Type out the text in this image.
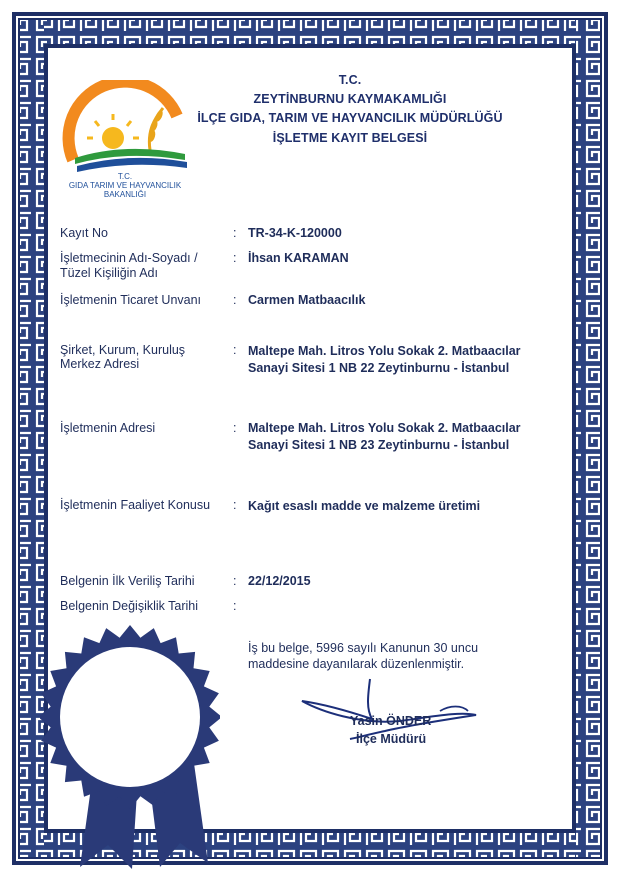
T.C.
GIDA TARIM VE HAYVANCILIK
BAKANLIĞI
T.C.
ZEYTİNBURNU KAYMAKAMLIĞI
İLÇE GIDA, TARIM VE HAYVANCILIK MÜDÜRLÜĞÜ
İŞLETME KAYIT BELGESİ
Kayıt No	: TR-34-K-120000
İşletmecinin Adı-Soyadı /
Tüzel Kişiliğin Adı
: İhsan KARAMAN
İşletmenin Ticaret Unvanı	: Carmen Matbaacılık
Şirket, Kurum, Kuruluş
Merkez Adresi
: Maltepe Mah. Litros Yolu Sokak 2. Matbaacılar
Sanayi Sitesi 1 NB 22 Zeytinburnu - İstanbul
İşletmenin Adresi	: Maltepe Mah. Litros Yolu Sokak 2. Matbaacılar
Sanayi Sitesi 1 NB 23 Zeytinburnu - İstanbul
İşletmenin Faaliyet Konusu : Kağıt esaslı madde ve malzeme üretimi
Belgenin İlk Veriliş Tarihi	: 22/12/2015
Belgenin Değişiklik Tarihi	:
İş bu belge, 5996 sayılı Kanunun 30 uncu
maddesine dayanılarak düzenlenmiştir.
Yasin ÖNDER
İlçe Müdürü
